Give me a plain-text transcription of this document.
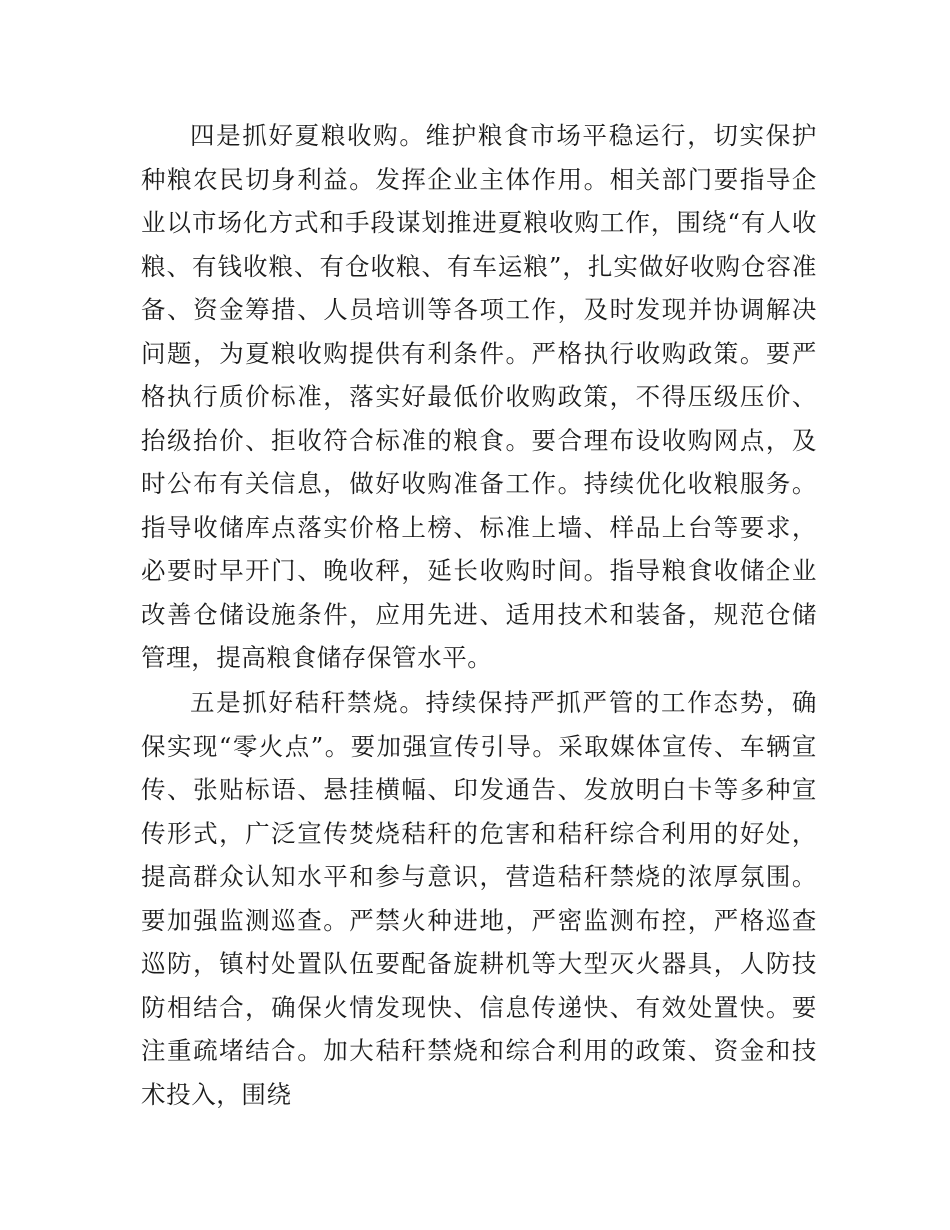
四是抓好夏粮收购。维护粮食市场平稳运行，切实保护种粮农民切身利益。发挥企业主体作用。相关部门要指导企业以市场化方式和手段谋划推进夏粮收购工作，围绕“有人收粮、有钱收粮、有仓收粮、有车运粮”，扎实做好收购仓容准备、资金筹措、人员培训等各项工作，及时发现并协调解决问题，为夏粮收购提供有利条件。严格执行收购政策。要严格执行质价标准，落实好最低价收购政策，不得压级压价、抬级抬价、拒收符合标准的粮食。要合理布设收购网点，及时公布有关信息，做好收购准备工作。持续优化收粮服务。指导收储库点落实价格上榜、标准上墙、样品上台等要求，必要时早开门、晚收秤，延长收购时间。指导粮食收储企业改善仓储设施条件，应用先进、适用技术和装备，规范仓储管理，提高粮食储存保管水平。

五是抓好秸秆禁烧。持续保持严抓严管的工作态势，确保实现“零火点”。要加强宣传引导。采取媒体宣传、车辆宣传、张贴标语、悬挂横幅、印发通告、发放明白卡等多种宣传形式，广泛宣传焚烧秸秆的危害和秸秆综合利用的好处，提高群众认知水平和参与意识，营造秸秆禁烧的浓厚氛围。要加强监测巡查。严禁火种进地，严密监测布控，严格巡查巡防，镇村处置队伍要配备旋耕机等大型灭火器具，人防技防相结合，确保火情发现快、信息传递快、有效处置快。要注重疏堵结合。加大秸秆禁烧和综合利用的政策、资金和技术投入，围绕
